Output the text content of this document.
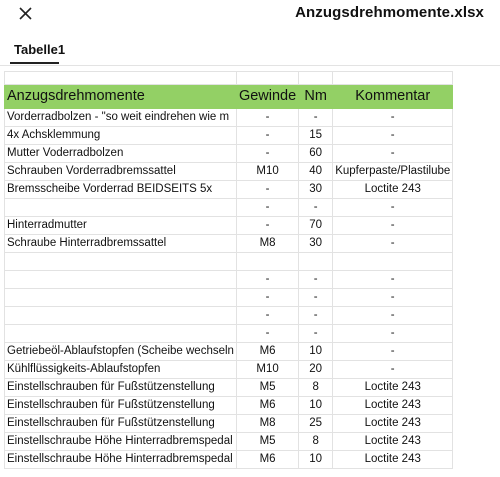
Anzugsdrehmomente.xlsx
Tabelle1

Anzugsdrehmomente	Gewinde	Nm	Kommentar
Vorderradbolzen - "so weit eindrehen wie m	-	-	-
4x Achsklemmung	-	15	-
Mutter Voderradbolzen	-	60	-
Schrauben Vorderradbremssattel	M10	40	Kupferpaste/Plastilube
Bremsscheibe Vorderrad BEIDSEITS 5x	-	30	Loctite 243
	-	-	-
Hinterradmutter	-	70	-
Schraube Hinterradbremssattel	M8	30	-

	-	-	-
	-	-	-
	-	-	-
	-	-	-
Getriebeöl-Ablaufstopfen (Scheibe wechseln	M6	10	-
Kühlflüssigkeits-Ablaufstopfen	M10	20	-
Einstellschrauben für Fußstützenstellung	M5	8	Loctite 243
Einstellschrauben für Fußstützenstellung	M6	10	Loctite 243
Einstellschrauben für Fußstützenstellung	M8	25	Loctite 243
Einstellschraube Höhe Hinterradbremspedal	M5	8	Loctite 243
Einstellschraube Höhe Hinterradbremspedal	M6	10	Loctite 243
